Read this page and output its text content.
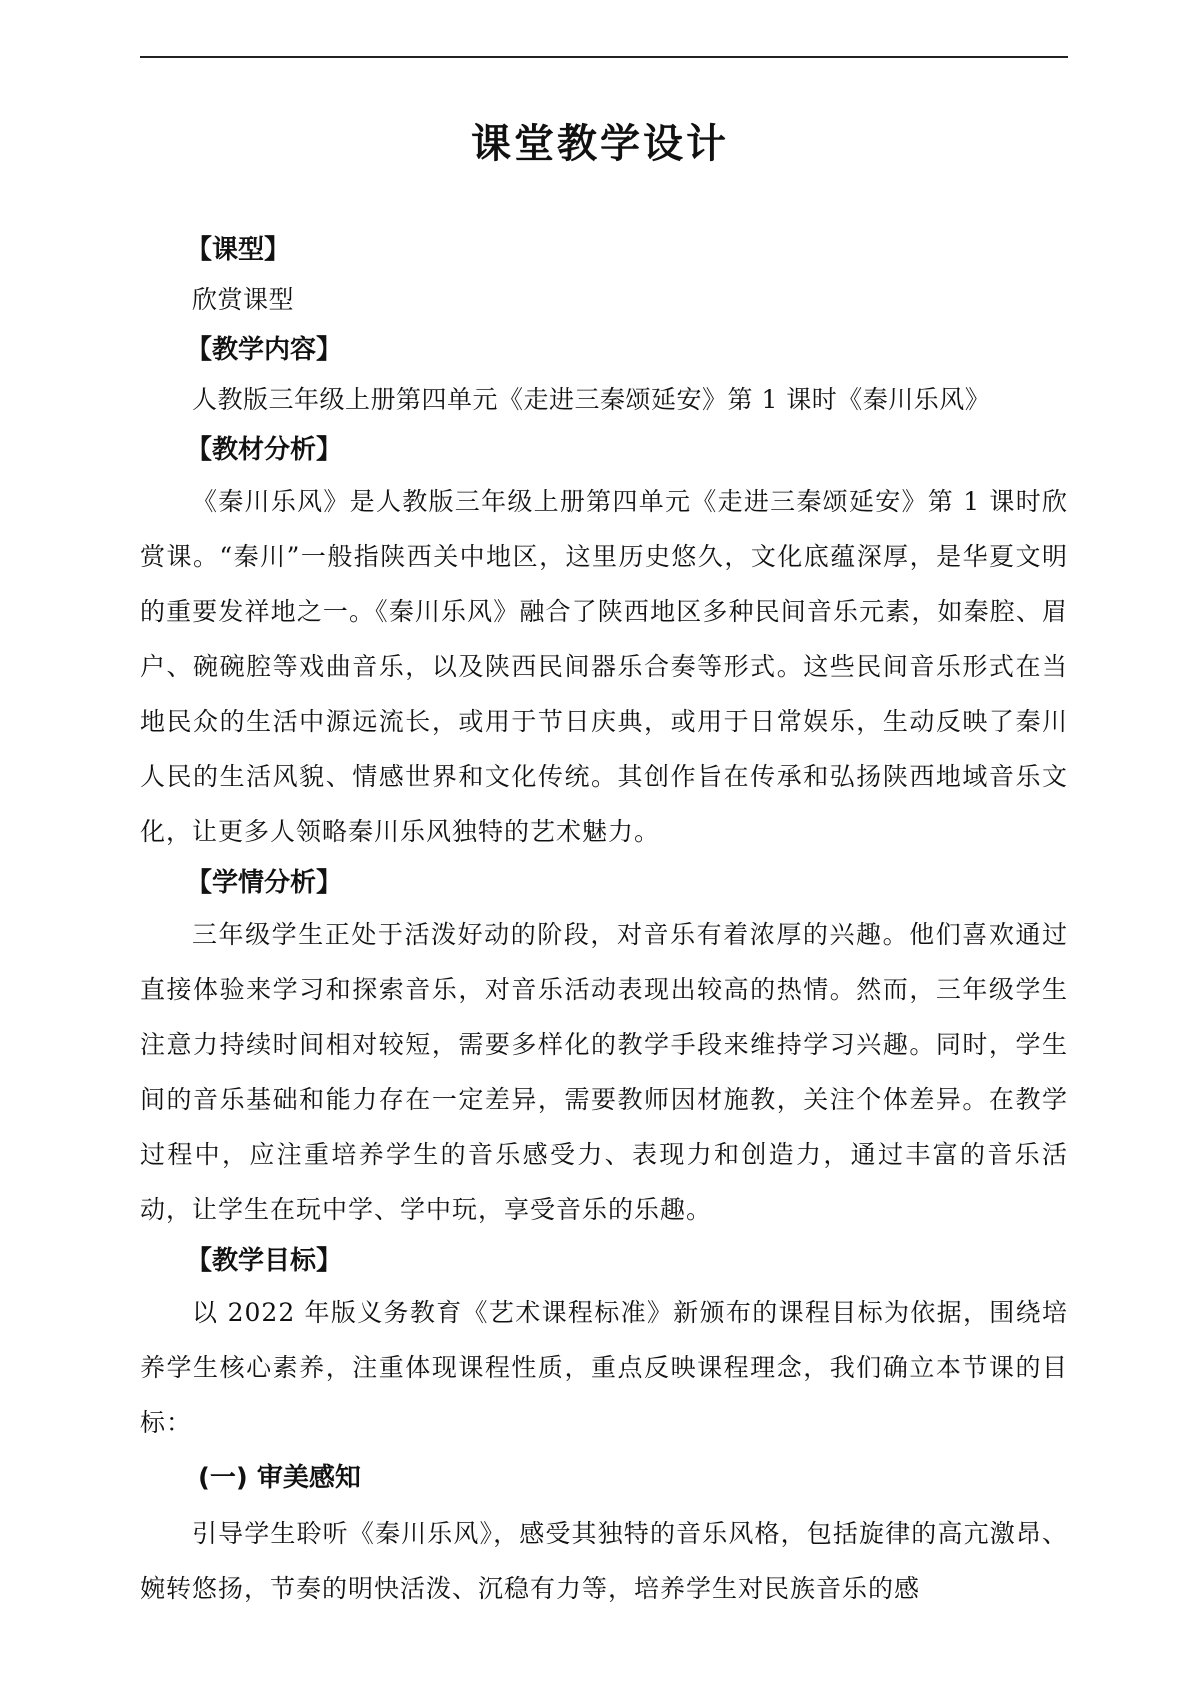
课堂教学设计
【课型】

欣赏课型

【教学内容】

人教版三年级上册第四单元《走进三秦颂延安》第 1 课时《秦川乐风》

【教材分析】

《秦川乐风》是人教版三年级上册第四单元《走进三秦颂延安》第 1 课时欣赏课。“秦川”一般指陕西关中地区，这里历史悠久，文化底蕴深厚，是华夏文明的重要发祥地之一。《秦川乐风》融合了陕西地区多种民间音乐元素，如秦腔、眉户、碗碗腔等戏曲音乐，以及陕西民间器乐合奏等形式。这些民间音乐形式在当地民众的生活中源远流长，或用于节日庆典，或用于日常娱乐，生动反映了秦川人民的生活风貌、情感世界和文化传统。其创作旨在传承和弘扬陕西地域音乐文化，让更多人领略秦川乐风独特的艺术魅力。

【学情分析】

三年级学生正处于活泼好动的阶段，对音乐有着浓厚的兴趣。他们喜欢通过直接体验来学习和探索音乐，对音乐活动表现出较高的热情。然而，三年级学生注意力持续时间相对较短，需要多样化的教学手段来维持学习兴趣。同时，学生间的音乐基础和能力存在一定差异，需要教师因材施教，关注个体差异。在教学过程中，应注重培养学生的音乐感受力、表现力和创造力，通过丰富的音乐活动，让学生在玩中学、学中玩，享受音乐的乐趣。

【教学目标】

以 2022 年版义务教育《艺术课程标准》新颁布的课程目标为依据，围绕培养学生核心素养，注重体现课程性质，重点反映课程理念，我们确立本节课的目标：

(一) 审美感知

引导学生聆听《秦川乐风》，感受其独特的音乐风格，包括旋律的高亢激昂、婉转悠扬，节奏的明快活泼、沉稳有力等，培养学生对民族音乐的感
